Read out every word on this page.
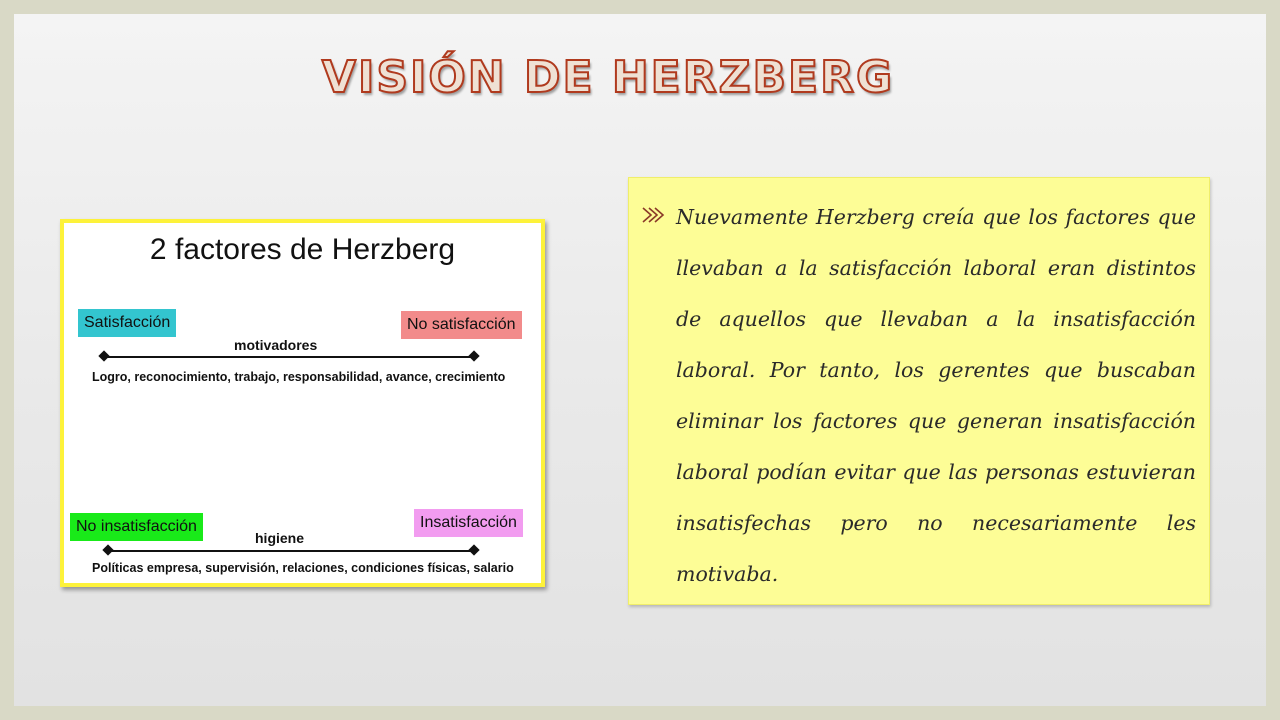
VISIÓN DE HERZBERG
2 factores de Herzberg
Satisfacción	No satisfacción
motivadores
Logro, reconocimiento, trabajo, responsabilidad, avance, crecimiento
No insatisfacción	Insatisfacción
higiene
Políticas empresa, supervisión, relaciones, condiciones físicas, salario

Nuevamente Herzberg creía que los factores que llevaban a la satisfacción laboral eran distintos de aquellos que llevaban a la insatisfacción laboral. Por tanto, los gerentes que buscaban eliminar los factores que generan insatisfacción laboral podían evitar que las personas estuvieran insatisfechas pero no necesariamente les motivaba.
